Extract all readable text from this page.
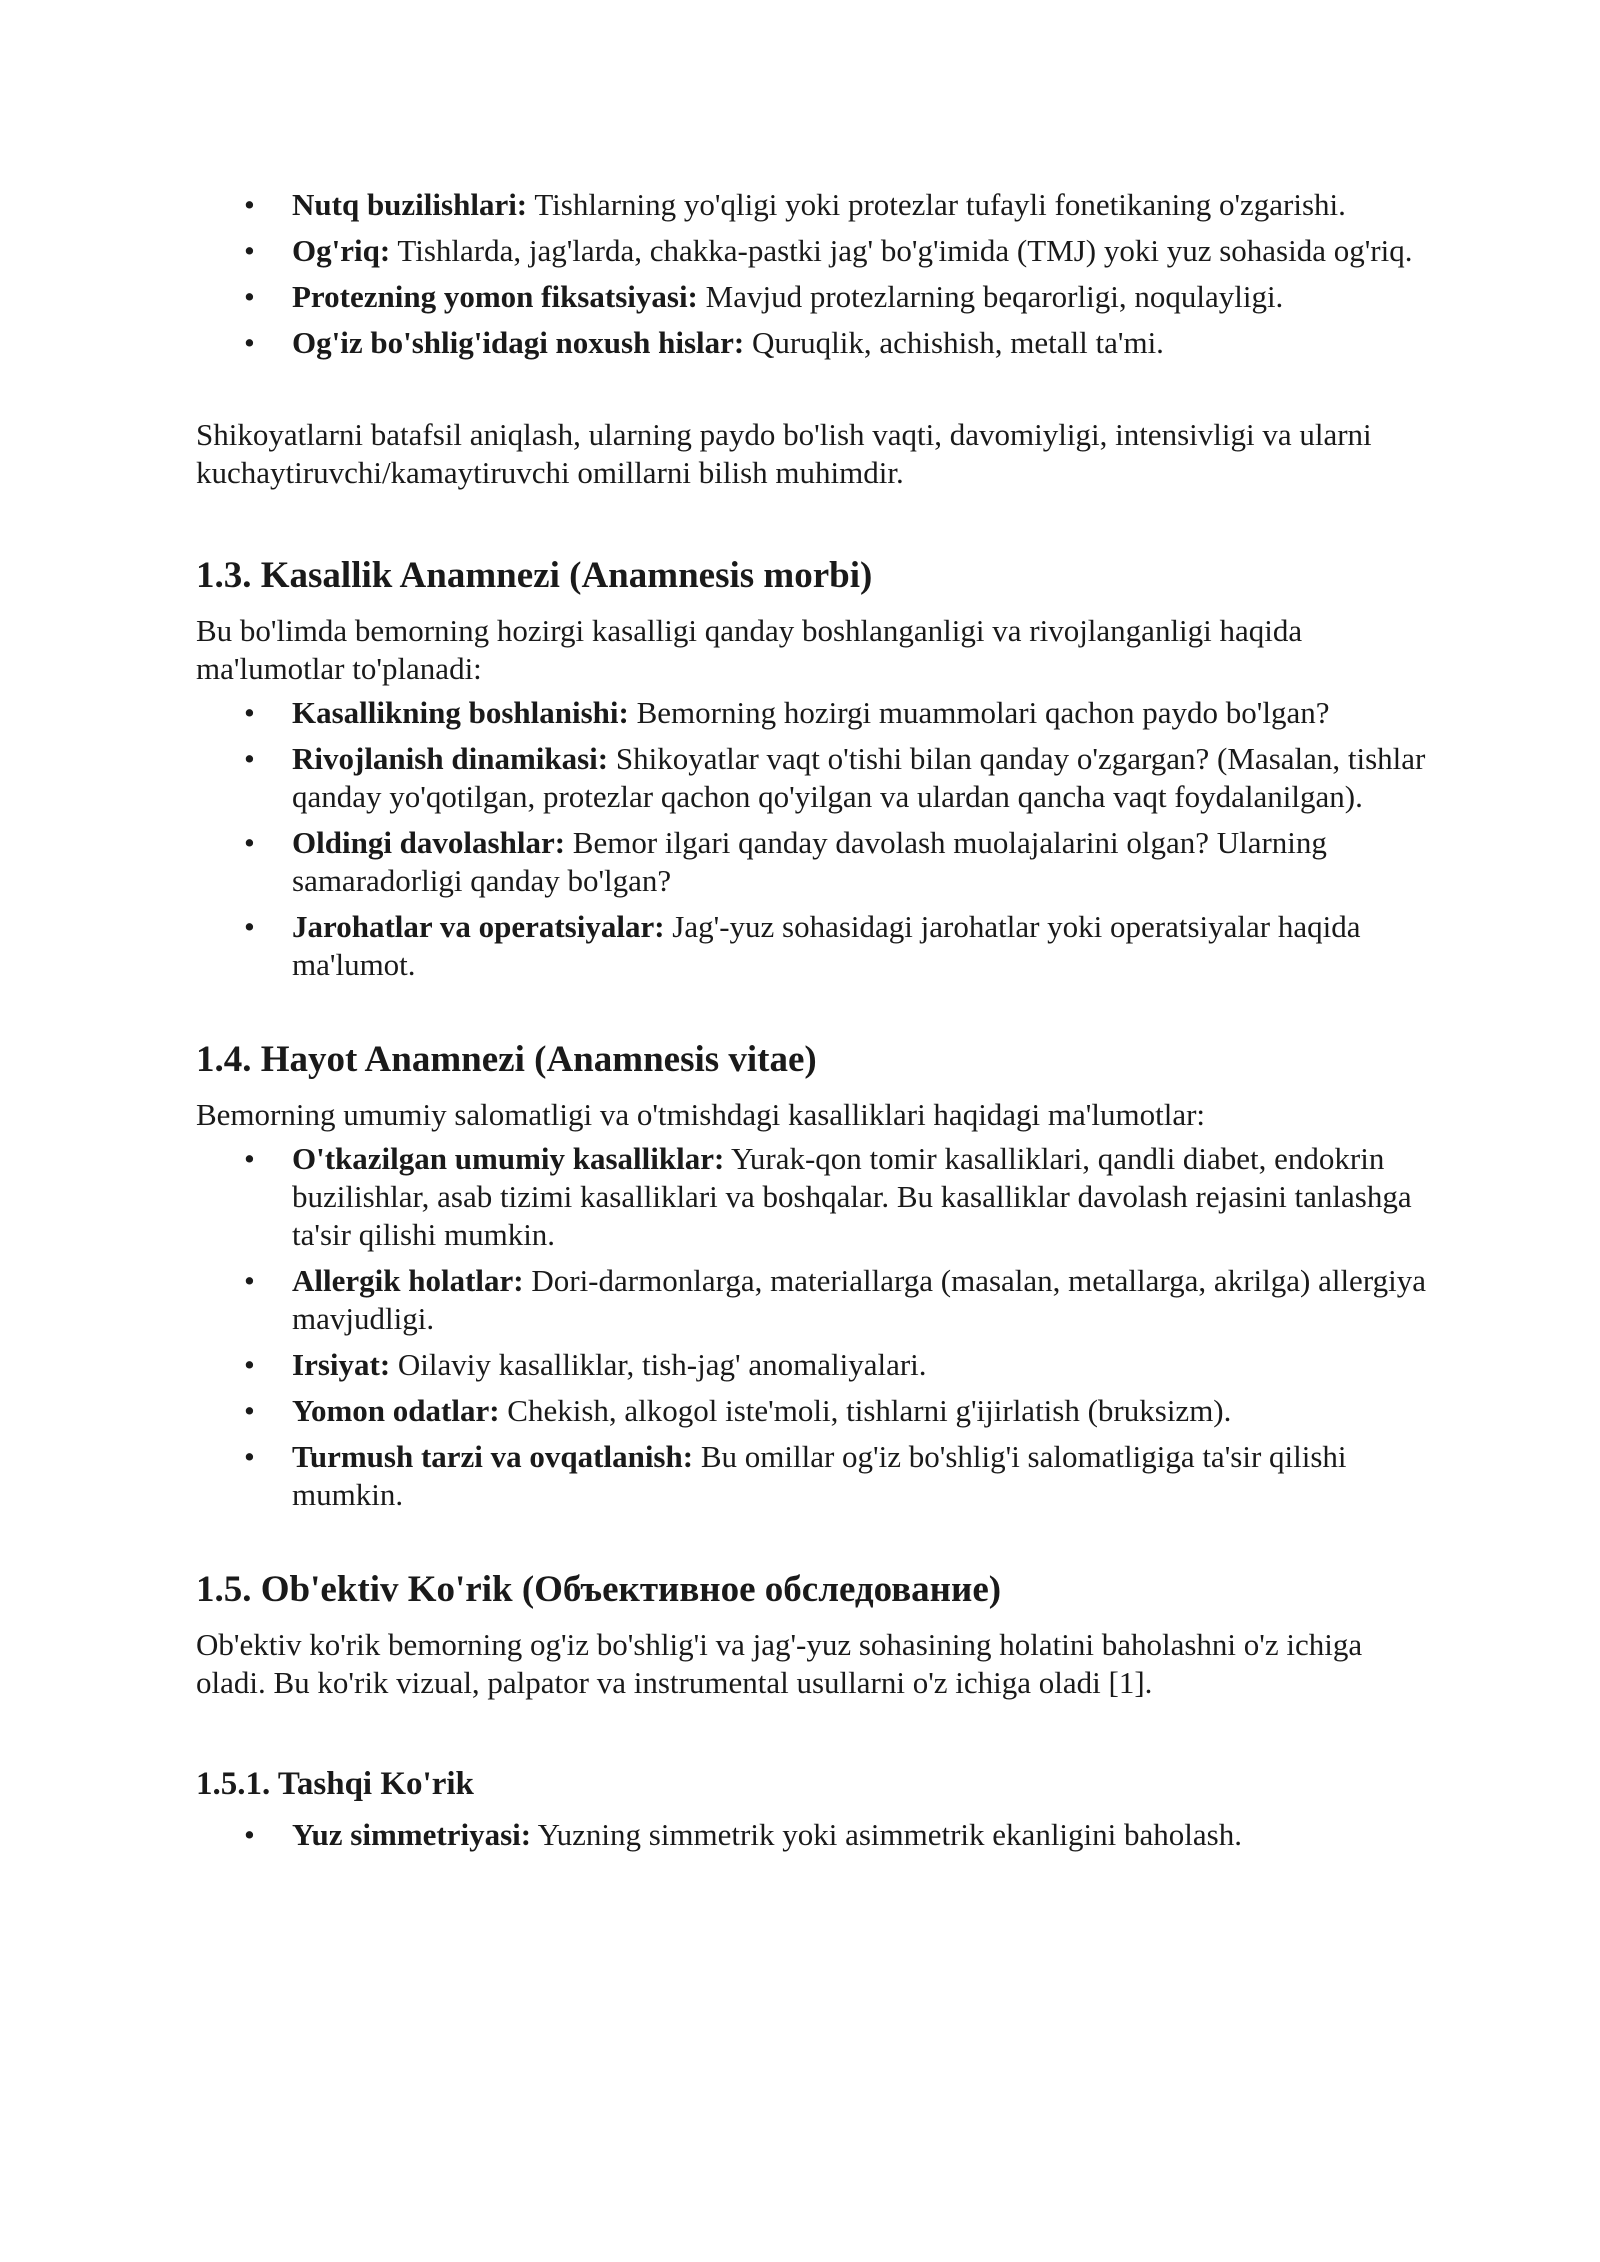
• Nutq buzilishlari: Tishlarning yo'qligi yoki protezlar tufayli fonetikaning o'zgarishi.
• Og'riq: Tishlarda, jag'larda, chakka-pastki jag' bo'g'imida (TMJ) yoki yuz sohasida og'riq.
• Protezning yomon fiksatsiyasi: Mavjud protezlarning beqarorligi, noqulayligi.
• Og'iz bo'shlig'idagi noxush hislar: Quruqlik, achishish, metall ta'mi.

Shikoyatlarni batafsil aniqlash, ularning paydo bo'lish vaqti, davomiyligi, intensivligi va ularni kuchaytiruvchi/kamaytiruvchi omillarni bilish muhimdir.

1.3. Kasallik Anamnezi (Anamnesis morbi)

Bu bo'limda bemorning hozirgi kasalligi qanday boshlanganligi va rivojlanganligi haqida ma'lumotlar to'planadi:

• Kasallikning boshlanishi: Bemorning hozirgi muammolari qachon paydo bo'lgan?
• Rivojlanish dinamikasi: Shikoyatlar vaqt o'tishi bilan qanday o'zgargan? (Masalan, tishlar qanday yo'qotilgan, protezlar qachon qo'yilgan va ulardan qancha vaqt foydalanilgan).
• Oldingi davolashlar: Bemor ilgari qanday davolash muolajalarini olgan? Ularning samaradorligi qanday bo'lgan?
• Jarohatlar va operatsiyalar: Jag'-yuz sohasidagi jarohatlar yoki operatsiyalar haqida ma'lumot.
1.4. Hayot Anamnezi (Anamnesis vitae)

Bemorning umumiy salomatligi va o'tmishdagi kasalliklari haqidagi ma'lumotlar:

• O'tkazilgan umumiy kasalliklar: Yurak-qon tomir kasalliklari, qandli diabet, endokrin buzilishlar, asab tizimi kasalliklari va boshqalar. Bu kasalliklar davolash rejasini tanlashga ta'sir qilishi mumkin.
• Allergik holatlar: Dori-darmonlarga, materiallarga (masalan, metallarga, akrilga) allergiya mavjudligi.
• Irsiyat: Oilaviy kasalliklar, tish-jag' anomaliyalari.
• Yomon odatlar: Chekish, alkogol iste'moli, tishlarni g'ijirlatish (bruksizm).
• Turmush tarzi va ovqatlanish: Bu omillar og'iz bo'shlig'i salomatligiga ta'sir qilishi mumkin.
1.5. Ob'ektiv Ko'rik (Объективное обследование)

Ob'ektiv ko'rik bemorning og'iz bo'shlig'i va jag'-yuz sohasining holatini baholashni o'z ichiga oladi. Bu ko'rik vizual, palpator va instrumental usullarni o'z ichiga oladi [1].

1.5.1. Tashqi Ko'rik
• Yuz simmetriyasi: Yuzning simmetrik yoki asimmetrik ekanligini baholash.
